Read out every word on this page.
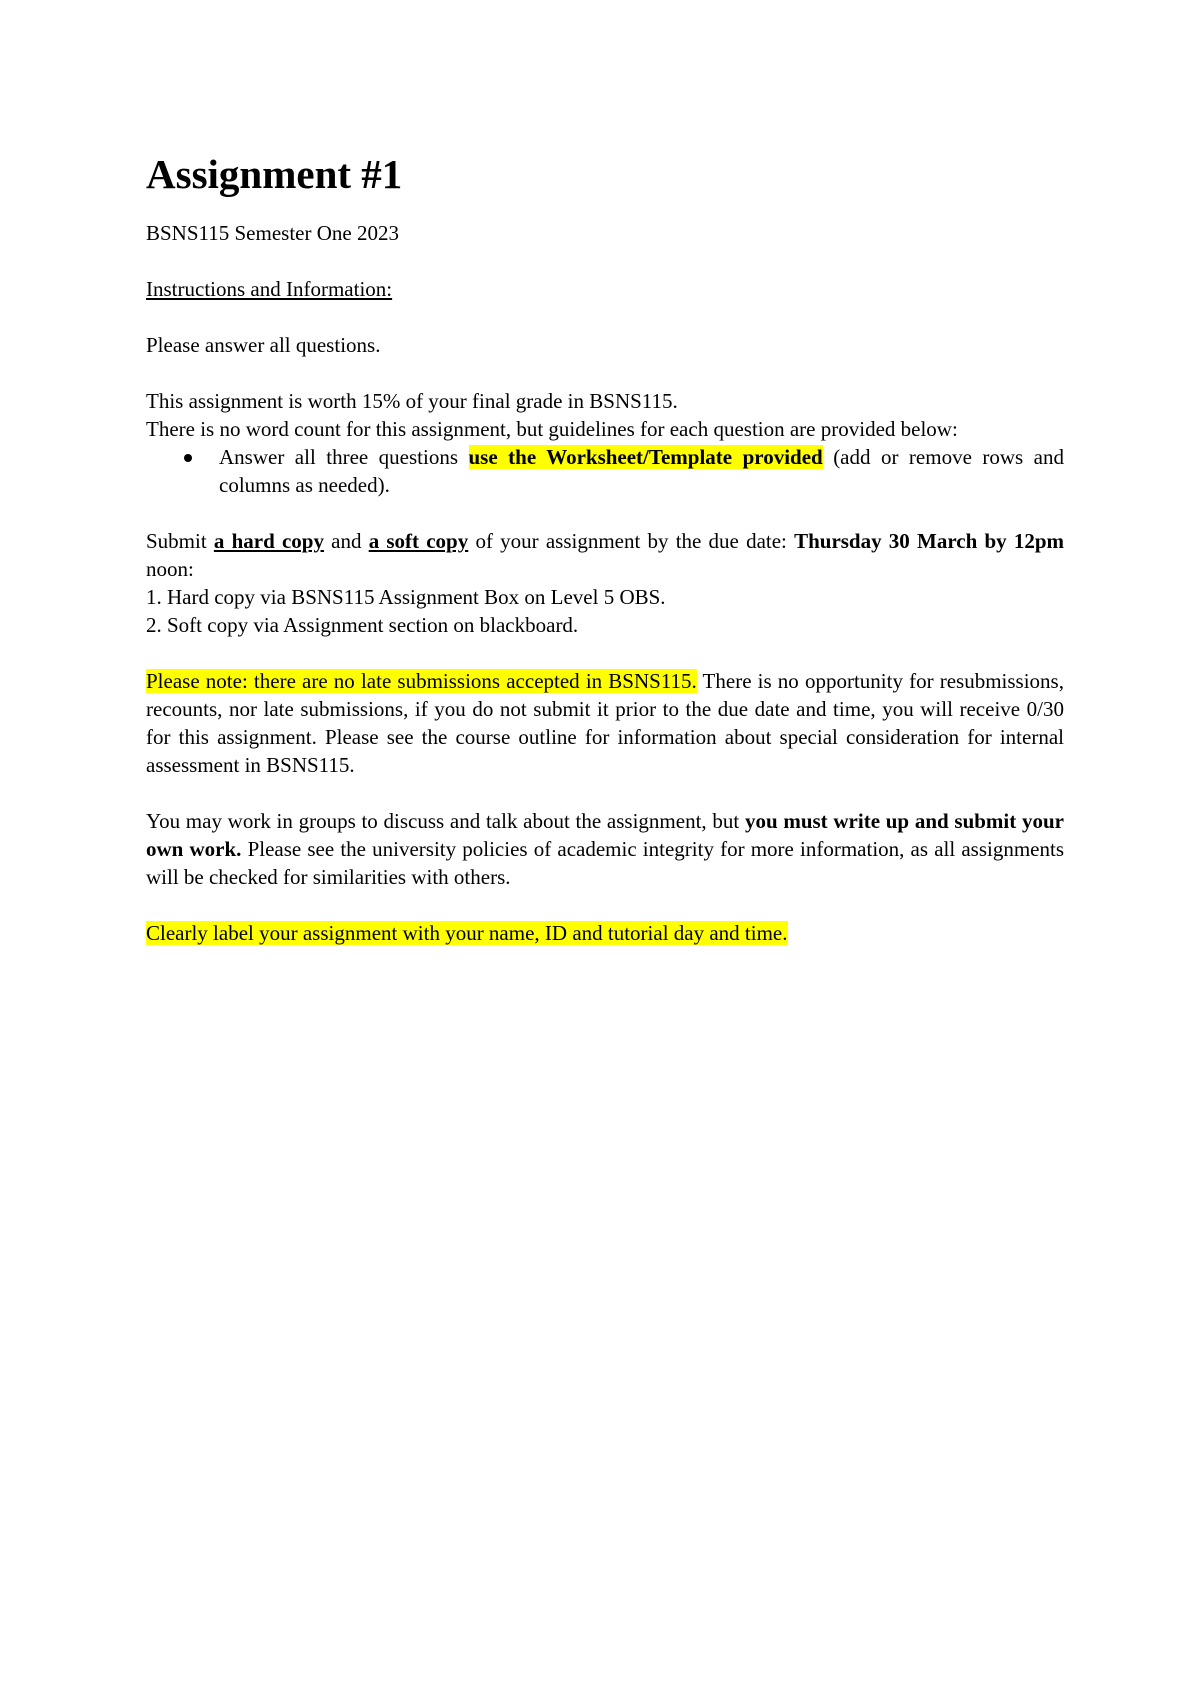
Assignment #1

BSNS115 Semester One 2023

Instructions and Information:

Please answer all questions.

This assignment is worth 15% of your final grade in BSNS115.

There is no word count for this assignment, but guidelines for each question are provided below:

Answer all three questions use the Worksheet/Template provided (add or remove rows and columns as needed).

Submit a hard copy and a soft copy of your assignment by the due date: Thursday 30 March by 12pm noon:

1. Hard copy via BSNS115 Assignment Box on Level 5 OBS.

2. Soft copy via Assignment section on blackboard.

Please note: there are no late submissions accepted in BSNS115. There is no opportunity for resubmissions, recounts, nor late submissions, if you do not submit it prior to the due date and time, you will receive 0/30 for this assignment. Please see the course outline for information about special consideration for internal assessment in BSNS115.

You may work in groups to discuss and talk about the assignment, but you must write up and submit your own work. Please see the university policies of academic integrity for more information, as all assignments will be checked for similarities with others.

Clearly label your assignment with your name, ID and tutorial day and time.
